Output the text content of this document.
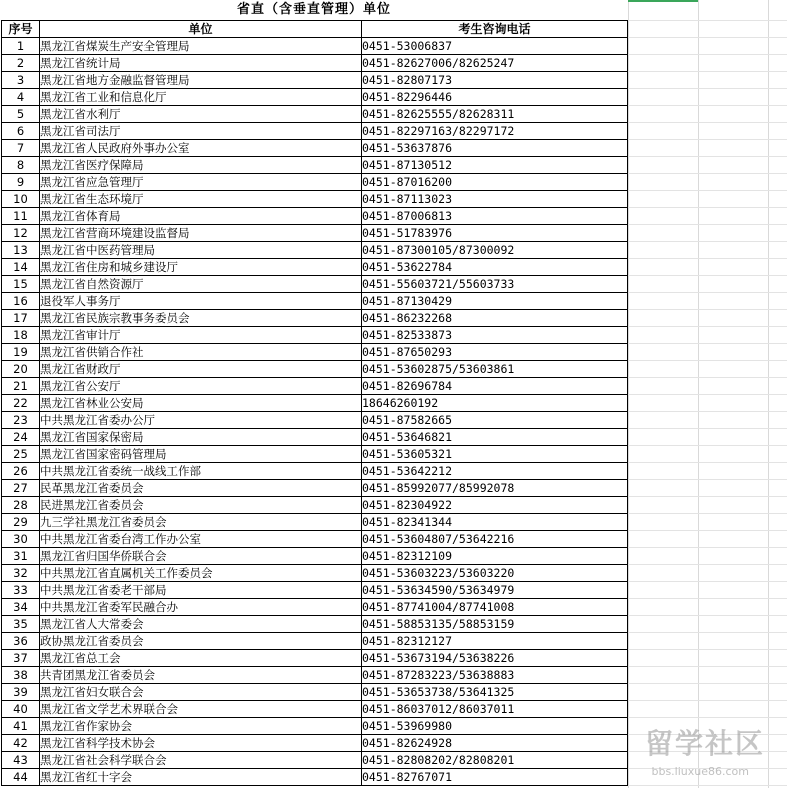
省直（含垂直管理）单位
序号	单位	考生咨询电话
1	黑龙江省煤炭生产安全管理局	0451-53006837
2	黑龙江省统计局	0451-82627006/82625247
3	黑龙江省地方金融监督管理局	0451-82807173
4	黑龙江省工业和信息化厅	0451-82296446
5	黑龙江省水利厅	0451-82625555/82628311
6	黑龙江省司法厅	0451-82297163/82297172
7	黑龙江省人民政府外事办公室	0451-53637876
8	黑龙江省医疗保障局	0451-87130512
9	黑龙江省应急管理厅	0451-87016200
10	黑龙江省生态环境厅	0451-87113023
11	黑龙江省体育局	0451-87006813
12	黑龙江省营商环境建设监督局	0451-51783976
13	黑龙江省中医药管理局	0451-87300105/87300092
14	黑龙江省住房和城乡建设厅	0451-53622784
15	黑龙江省自然资源厅	0451-55603721/55603733
16	退役军人事务厅	0451-87130429
17	黑龙江省民族宗教事务委员会	0451-86232268
18	黑龙江省审计厅	0451-82533873
19	黑龙江省供销合作社	0451-87650293
20	黑龙江省财政厅	0451-53602875/53603861
21	黑龙江省公安厅	0451-82696784
22	黑龙江省林业公安局	18646260192
23	中共黑龙江省委办公厅	0451-87582665
24	黑龙江省国家保密局	0451-53646821
25	黑龙江省国家密码管理局	0451-53605321
26	中共黑龙江省委统一战线工作部	0451-53642212
27	民革黑龙江省委员会	0451-85992077/85992078
28	民进黑龙江省委员会	0451-82304922
29	九三学社黑龙江省委员会	0451-82341344
30	中共黑龙江省委台湾工作办公室	0451-53604807/53642216
31	黑龙江省归国华侨联合会	0451-82312109
32	中共黑龙江省直属机关工作委员会	0451-53603223/53603220
33	中共黑龙江省委老干部局	0451-53634590/53634979
34	中共黑龙江省委军民融合办	0451-87741004/87741008
35	黑龙江省人大常委会	0451-58853135/58853159
36	政协黑龙江省委员会	0451-82312127
37	黑龙江省总工会	0451-53673194/53638226
38	共青团黑龙江省委员会	0451-87283223/53638883
39	黑龙江省妇女联合会	0451-53653738/53641325
40	黑龙江省文学艺术界联合会	0451-86037012/86037011
41	黑龙江省作家协会	0451-53969980
42	黑龙江省科学技术协会	0451-82624928
43	黑龙江省社会科学联合会	0451-82808202/82808201
44	黑龙江省红十字会	0451-82767071
留学社区
bbs.liuxue86.com
